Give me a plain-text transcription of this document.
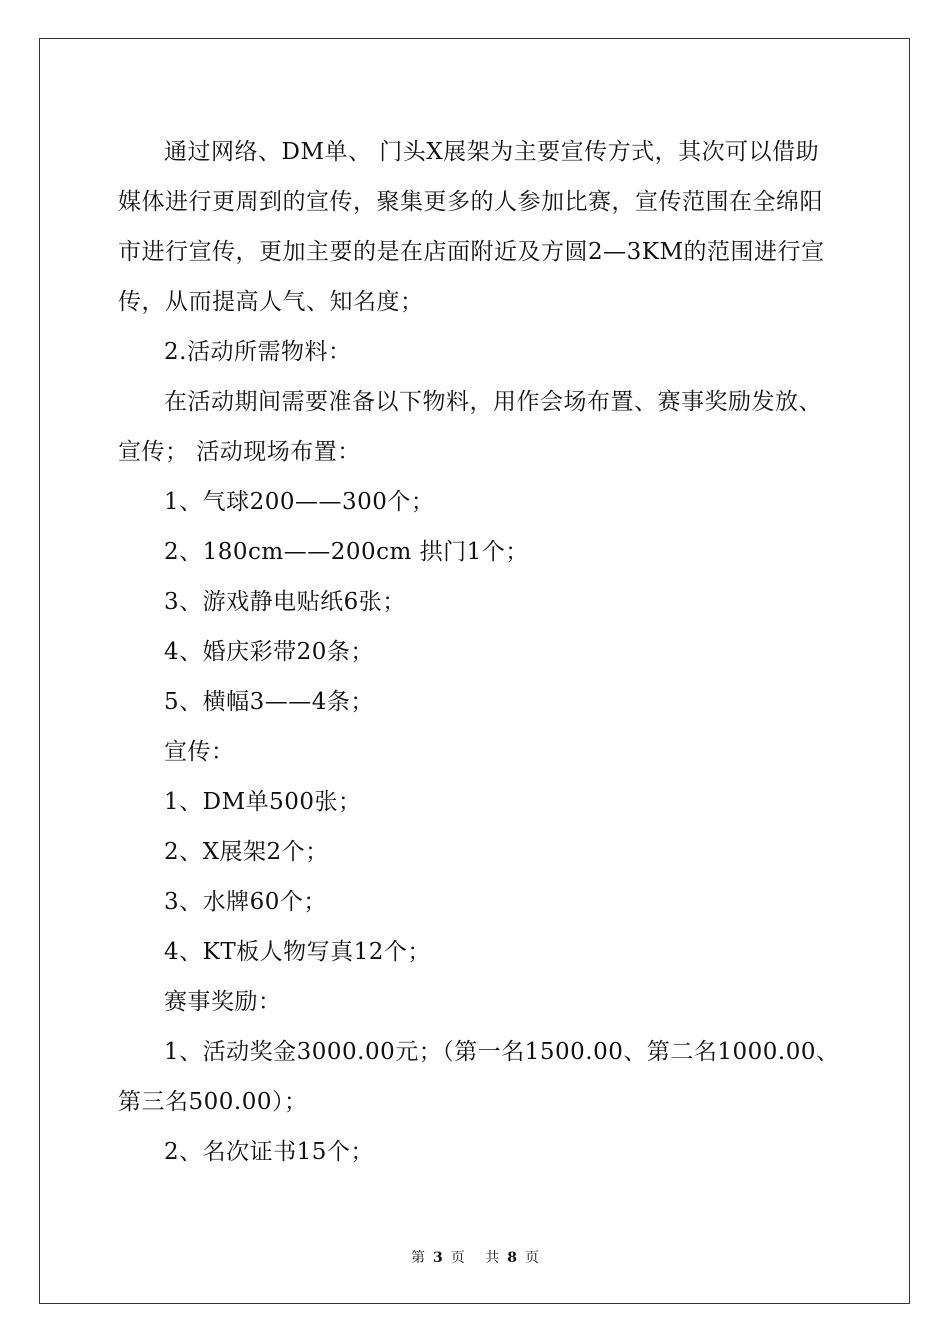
通过网络、DM单、 门头X展架为主要宣传方式，其次可以借助

媒体进行更周到的宣传，聚集更多的人参加比赛，宣传范围在全绵阳

市进行宣传，更加主要的是在店面附近及方圆2—3KM的范围进行宣

传，从而提高人气、知名度；

2.活动所需物料：

在活动期间需要准备以下物料，用作会场布置、赛事奖励发放、

宣传； 活动现场布置：

1、气球200——300个；

2、180cm——200cm 拱门1个；

3、游戏静电贴纸6张；

4、婚庆彩带20条；

5、横幅3——4条；

宣传：

1、DM单500张；

2、X展架2个；

3、水牌60个；

4、KT板人物写真12个；

赛事奖励：

1、活动奖金3000.00元；（第一名1500.00、第二名1000.00、

第三名500.00）；

2、名次证书15个；

第 3 页 共 8 页
